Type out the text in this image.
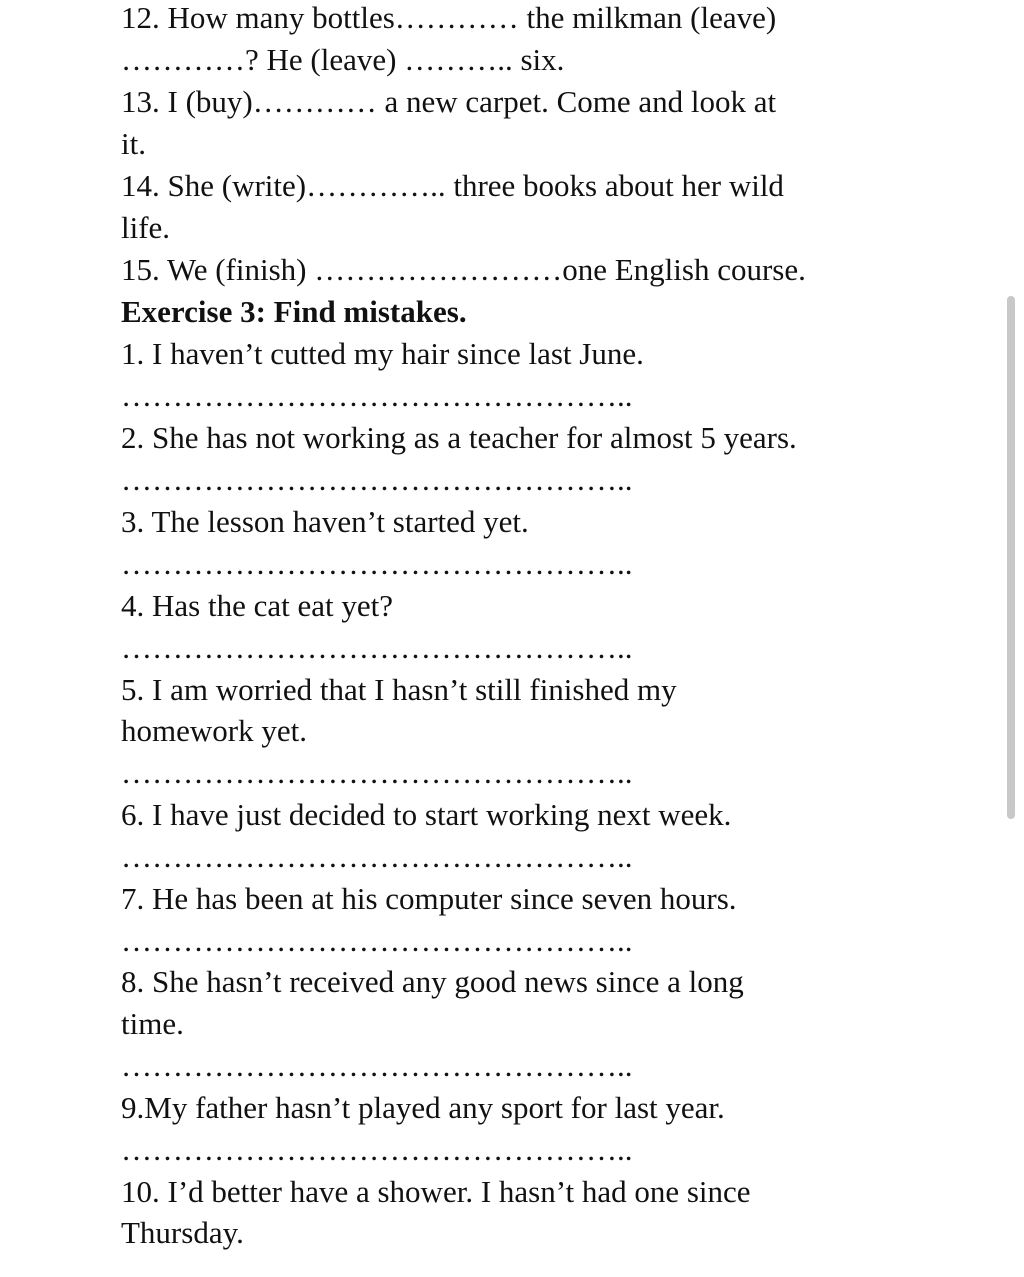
12. How many bottles………… the milkman (leave)
…………? He (leave) ……….. six.
13. I (buy)………… a new carpet. Come and look at
it.
14. She (write)………….. three books about her wild
life.
15. We (finish) ……………………one English course.
Exercise 3: Find mistakes.
1. I haven’t cutted my hair since last June.
…………………………………………..
2. She has not working as a teacher for almost 5 years.
…………………………………………..
3. The lesson haven’t started yet.
…………………………………………..
4. Has the cat eat yet?
…………………………………………..
5. I am worried that I hasn’t still finished my
homework yet.
…………………………………………..
6. I have just decided to start working next week.
…………………………………………..
7. He has been at his computer since seven hours.
…………………………………………..
8. She hasn’t received any good news since a long
time.
…………………………………………..
9.My father hasn’t played any sport for last year.
…………………………………………..
10. I’d better have a shower. I hasn’t had one since
Thursday.
